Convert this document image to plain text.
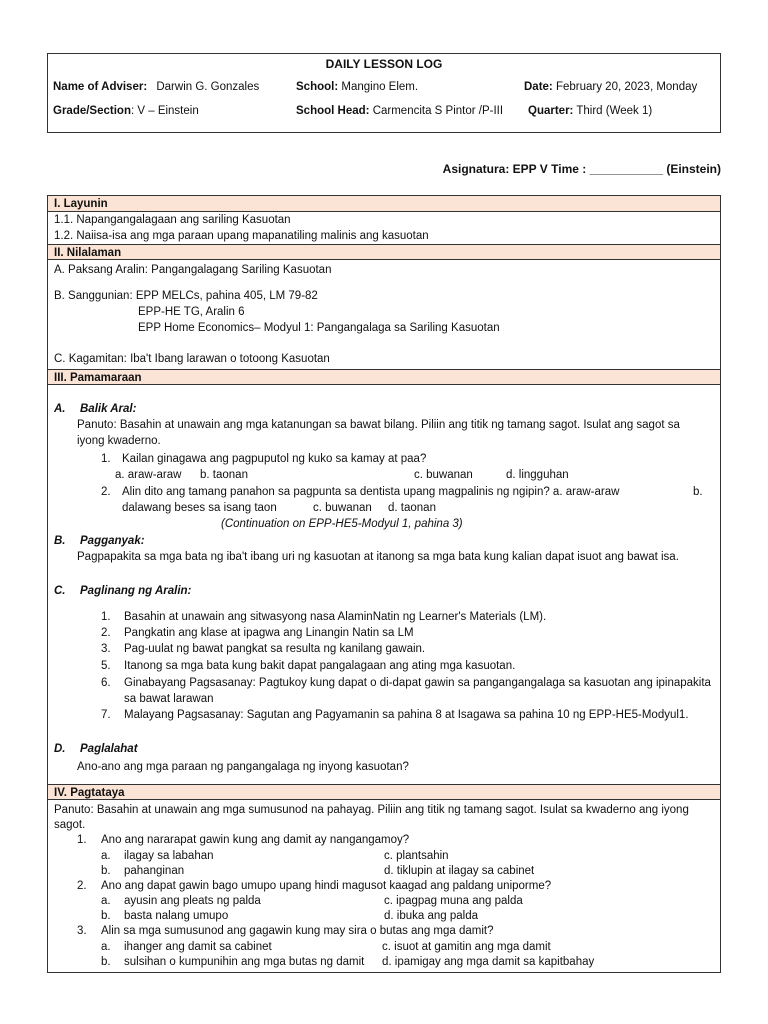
DAILY LESSON LOG
Name of Adviser: Darwin G. Gonzales	School: Mangino Elem.	Date: February 20, 2023, Monday
Grade/Section: V – Einstein	School Head: Carmencita S Pintor /P-III Quarter: Third (Week 1)
Asignatura: EPP V Time : ___________ (Einstein)
I. Layunin
1.1. Napangangalagaan ang sariling Kasuotan
1.2. Naiisa-isa ang mga paraan upang mapanatiling malinis ang kasuotan
II. Nilalaman
A. Paksang Aralin: Pangangalagang Sariling Kasuotan
B. Sanggunian: EPP MELCs, pahina 405, LM 79-82
EPP-HE TG, Aralin 6
EPP Home Economics– Modyul 1: Pangangalaga sa Sariling Kasuotan
C. Kagamitan: Iba't Ibang larawan o totoong Kasuotan
III. Pamamaraan
A. Balik Aral:
Panuto: Basahin at unawain ang mga katanungan sa bawat bilang. Piliin ang titik ng tamang sagot. Isulat ang sagot sa
iyong kwaderno.
1. Kailan ginagawa ang pagpuputol ng kuko sa kamay at paa?
a. araw-araw b. taonan	c. buwanan	d. lingguhan
2. Alin dito ang tamang panahon sa pagpunta sa dentista upang magpalinis ng ngipin? a. araw-araw	b.
dalawang beses sa isang taon	c. buwanan d. taonan
(Continuation on EPP-HE5-Modyul 1, pahina 3)
B. Pagganyak:
Pagpapakita sa mga bata ng iba't ibang uri ng kasuotan at itanong sa mga bata kung kalian dapat isuot ang bawat isa.
C. Paglinang ng Aralin:
1. Basahin at unawain ang sitwasyong nasa AlaminNatin ng Learner's Materials (LM).
2. Pangkatin ang klase at ipagwa ang Linangin Natin sa LM
3. Pag-uulat ng bawat pangkat sa resulta ng kanilang gawain.
5. Itanong sa mga bata kung bakit dapat pangalagaan ang ating mga kasuotan.
6. Ginabayang Pagsasanay: Pagtukoy kung dapat o di-dapat gawin sa pangangangalaga sa kasuotan ang ipinapakita
sa bawat larawan
7. Malayang Pagsasanay: Sagutan ang Pagyamanin sa pahina 8 at Isagawa sa pahina 10 ng EPP-HE5-Modyul1.
D. Paglalahat
Ano-ano ang mga paraan ng pangangalaga ng inyong kasuotan?
IV. Pagtataya
Panuto: Basahin at unawain ang mga sumusunod na pahayag. Piliin ang titik ng tamang sagot. Isulat sa kwaderno ang iyong
sagot.
1. Ano ang nararapat gawin kung ang damit ay nangangamoy?
a. ilagay sa labahan	c. plantsahin
b. pahanginan	d. tiklupin at ilagay sa cabinet
2. Ano ang dapat gawin bago umupo upang hindi magusot kaagad ang paldang uniporme?
a. ayusin ang pleats ng palda	c. ipagpag muna ang palda
b. basta nalang umupo	d. ibuka ang palda
3. Alin sa mga sumusunod ang gagawin kung may sira o butas ang mga damit?
a. ihanger ang damit sa cabinet	c. isuot at gamitin ang mga damit
b. sulsihan o kumpunihin ang mga butas ng damit d. ipamigay ang mga damit sa kapitbahay
